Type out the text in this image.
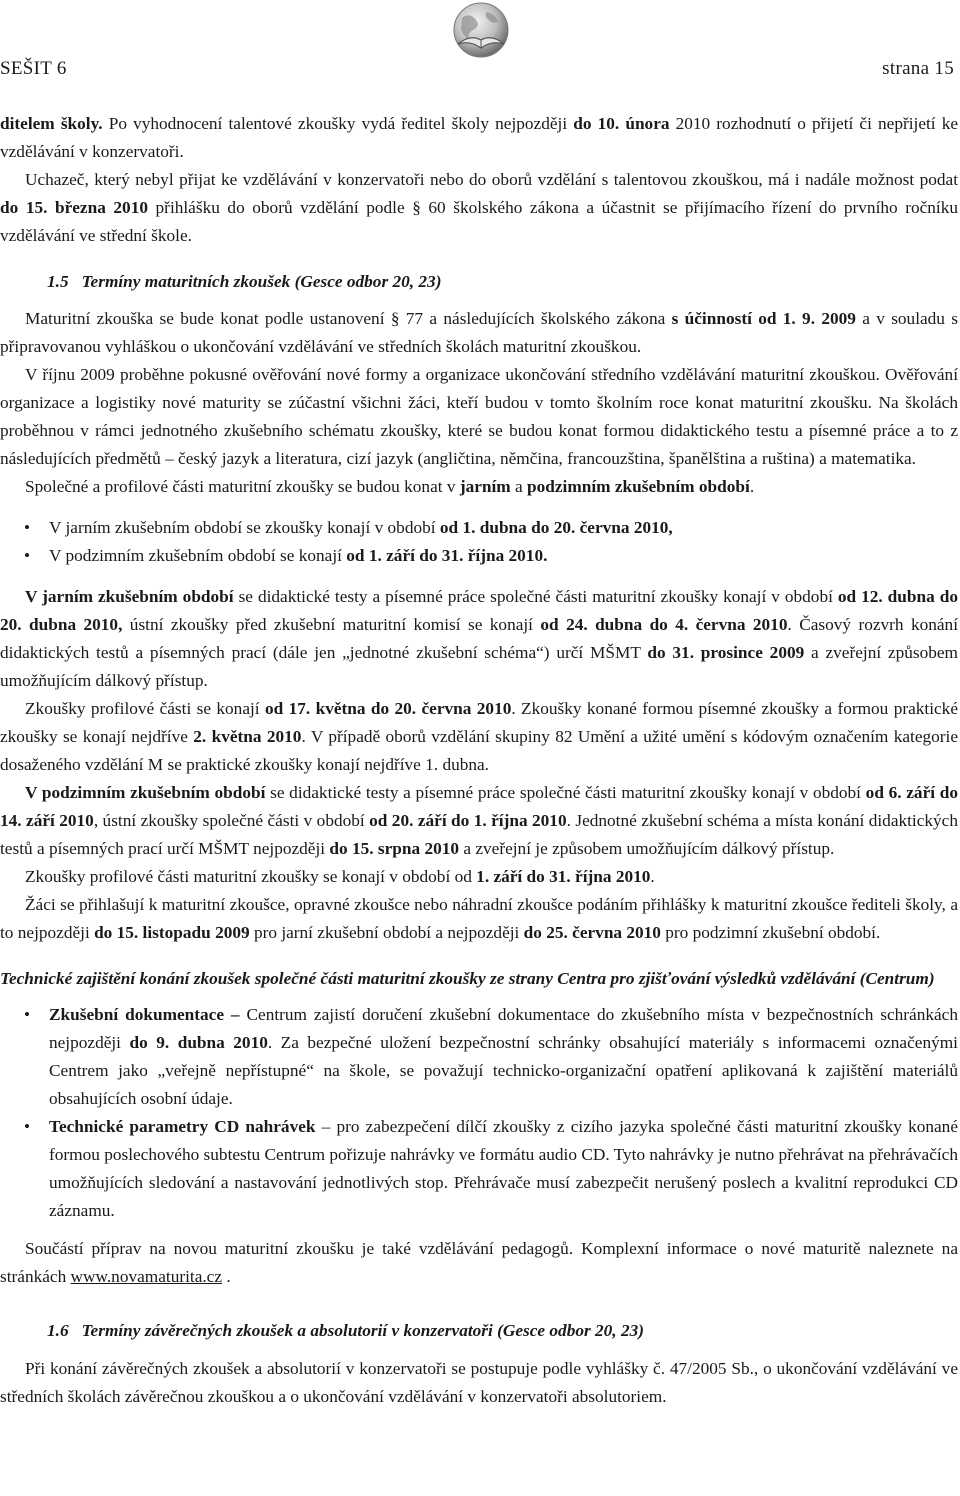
SEŠIT 6	strana 15

ditelem školy. Po vyhodnocení talentové zkoušky vydá ředitel školy nejpozději do 10. února 2010 rozhodnutí o přijetí či nepřijetí ke vzdělávání v konzervatoři.

Uchazeč, který nebyl přijat ke vzdělávání v konzervatoři nebo do oborů vzdělání s talentovou zkouškou, má i nadále možnost podat do 15. března 2010 přihlášku do oborů vzdělání podle § 60 školského zákona a účastnit se přijímacího řízení do prvního ročníku vzdělávání ve střední škole.

1.5 Termíny maturitních zkoušek (Gesce odbor 20, 23)

Maturitní zkouška se bude konat podle ustanovení § 77 a následujících školského zákona s účinností od 1. 9. 2009 a v souladu s připravovanou vyhláškou o ukončování vzdělávání ve středních školách maturitní zkouškou.

V říjnu 2009 proběhne pokusné ověřování nové formy a organizace ukončování středního vzdělávání maturitní zkouškou. Ověřování organizace a logistiky nové maturity se zúčastní všichni žáci, kteří budou v tomto školním roce konat maturitní zkoušku. Na školách proběhnou v rámci jednotného zkušebního schématu zkoušky, které se budou konat formou didaktického testu a písemné práce a to z následujících předmětů – český jazyk a literatura, cizí jazyk (angličtina, němčina, francouzština, španělština a ruština) a matematika.

Společné a profilové části maturitní zkoušky se budou konat v jarním a podzimním zkušebním období.

• V jarním zkušebním období se zkoušky konají v období od 1. dubna do 20. června 2010,
• V podzimním zkušebním období se konají od 1. září do 31. října 2010.

V jarním zkušebním období se didaktické testy a písemné práce společné části maturitní zkoušky konají v období od 12. dubna do 20. dubna 2010, ústní zkoušky před zkušební maturitní komisí se konají od 24. dubna do 4. června 2010. Časový rozvrh konání didaktických testů a písemných prací (dále jen „jednotné zkušební schéma“) určí MŠMT do 31. prosince 2009 a zveřejní způsobem umožňujícím dálkový přístup.

Zkoušky profilové části se konají od 17. května do 20. června 2010. Zkoušky konané formou písemné zkoušky a formou praktické zkoušky se konají nejdříve 2. května 2010. V případě oborů vzdělání skupiny 82 Umění a užité umění s kódovým označením kategorie dosaženého vzdělání M se praktické zkoušky konají nejdříve 1. dubna.

V podzimním zkušebním období se didaktické testy a písemné práce společné části maturitní zkoušky konají v období od 6. září do 14. září 2010, ústní zkoušky společné části v období od 20. září do 1. října 2010. Jednotné zkušební schéma a místa konání didaktických testů a písemných prací určí MŠMT nejpozději do 15. srpna 2010 a zveřejní je způsobem umožňujícím dálkový přístup.

Zkoušky profilové části maturitní zkoušky se konají v období od 1. září do 31. října 2010.

Žáci se přihlašují k maturitní zkoušce, opravné zkoušce nebo náhradní zkoušce podáním přihlášky k maturitní zkoušce řediteli školy, a to nejpozději do 15. listopadu 2009 pro jarní zkušební období a nejpozději do 25. června 2010 pro podzimní zkušební období.

Technické zajištění konání zkoušek společné části maturitní zkoušky ze strany Centra pro zjišťování výsledků vzdělávání (Centrum)
• Zkušební dokumentace – Centrum zajistí doručení zkušební dokumentace do zkušebního místa v bezpečnostních schránkách nejpozději do 9. dubna 2010. Za bezpečné uložení bezpečnostní schránky obsahující materiály s informacemi označenými Centrem jako „veřejně nepřístupné“ na škole, se považují technicko-organizační opatření aplikovaná k zajištění materiálů obsahujících osobní údaje.
• Technické parametry CD nahrávek – pro zabezpečení dílčí zkoušky z cizího jazyka společné části maturitní zkoušky konané formou poslechového subtestu Centrum pořizuje nahrávky ve formátu audio CD. Tyto nahrávky je nutno přehrávat na přehrávačích umožňujících sledování a nastavování jednotlivých stop. Přehrávače musí zabezpečit nerušený poslech a kvalitní reprodukci CD záznamu.

Součástí příprav na novou maturitní zkoušku je také vzdělávání pedagogů. Komplexní informace o nové maturitě naleznete na stránkách www.novamaturita.cz .

1.6 Termíny závěrečných zkoušek a absolutorií v konzervatoři (Gesce odbor 20, 23)

Při konání závěrečných zkoušek a absolutorií v konzervatoři se postupuje podle vyhlášky č. 47/2005 Sb., o ukončování vzdělávání ve středních školách závěrečnou zkouškou a o ukončování vzdělávání v konzervatoři absolutoriem.
